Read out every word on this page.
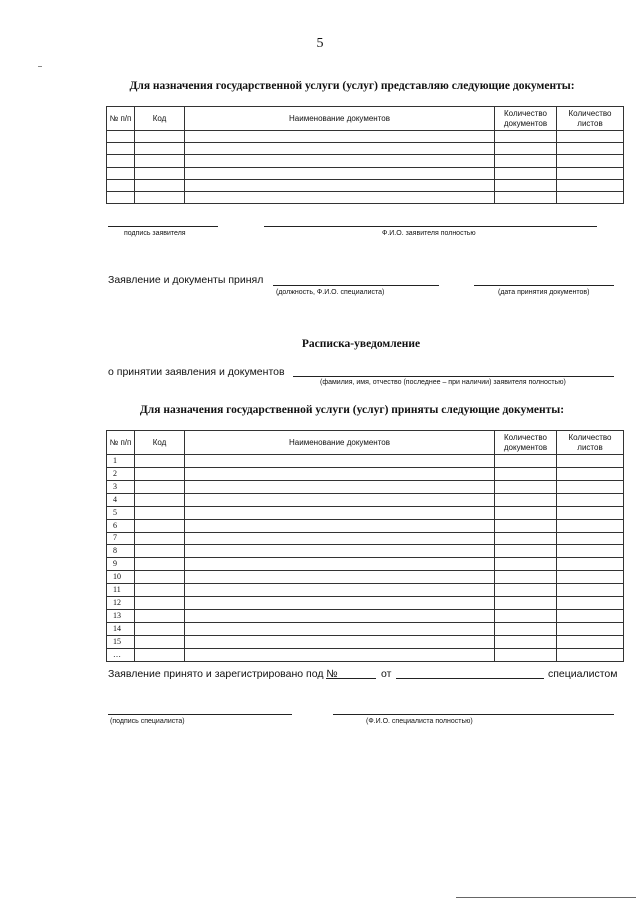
5
Для назначения государственной услуги (услуг) представляю следующие документы:
№ п/п	Код	Наименование документов	Количество документов	Количество листов

подпись заявителя	Ф.И.О. заявителя полностью
Заявление и документы принял
(должность, Ф.И.О. специалиста)	(дата принятия документов)
Расписка-уведомление
о принятии заявления и документов
(фамилия, имя, отчество (последнее – при наличии) заявителя полностью)
Для назначения государственной услуги (услуг) приняты следующие документы:
№ п/п	Код	Наименование документов	Количество документов	Количество листов
1				
2				
3				
4				
5				
6				
7				
8				
9				
10				
11				
12				
13				
14				
15				
…				
Заявление принято и зарегистрировано под №	от	специалистом
(подпись специалиста)	(Ф.И.О. специалиста полностью)
